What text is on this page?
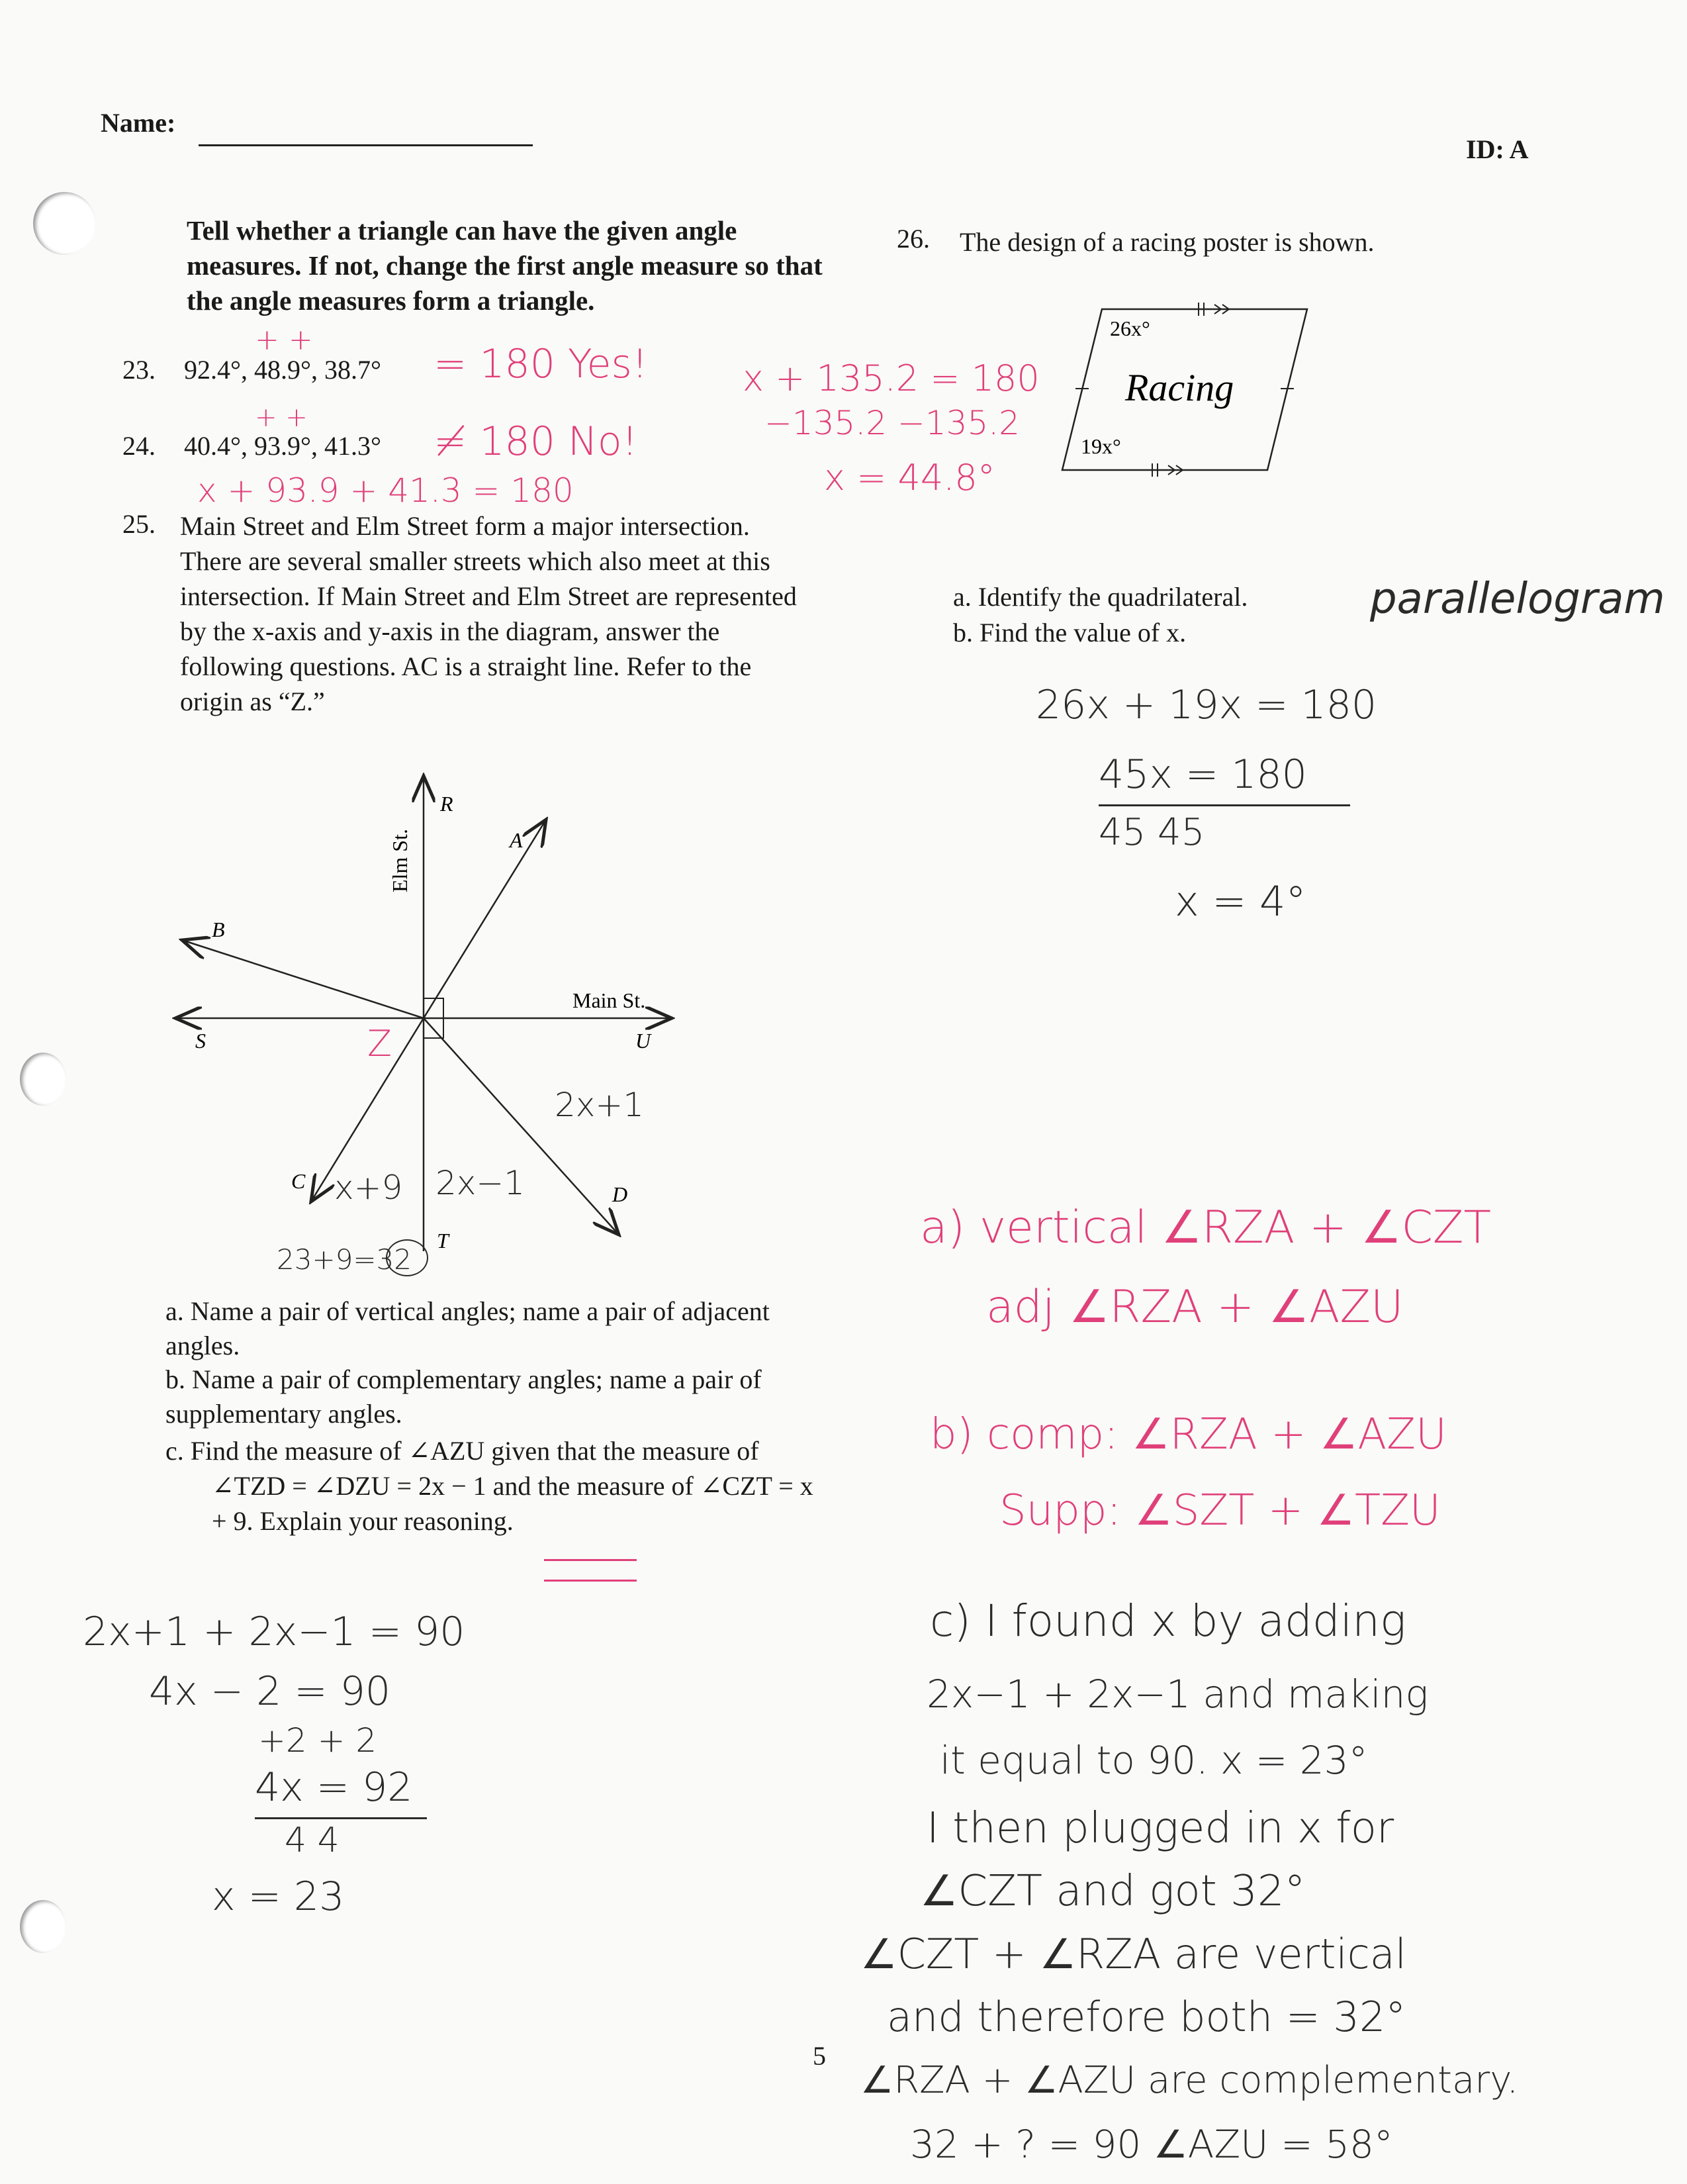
Name:
ID: A
Tell whether a triangle can have the given angle measures. If not, change the first angle measure so that the angle measures form a triangle.
23. 92.4°, 48.9°, 38.7°
+ +
= 180 Yes!
24. 40.4°, 93.9°, 41.3°
+ +
≠ 180 No!
x + 93.9 + 41.3 = 180
x + 135.2 = 180
−135.2 −135.2
x = 44.8°
25. Main Street and Elm Street form a major intersection. There are several smaller streets which also meet at this intersection. If Main Street and Elm Street are represented by the x-axis and y-axis in the diagram, answer the following questions. AC is a straight line. Refer to the origin as “Z.”
Elm St.
R
A
B
Main St.
S	U
C
D
T
Z
2x+1
x+9 2x−1
23+9=32
a. Name a pair of vertical angles; name a pair of adjacent angles.
b. Name a pair of complementary angles; name a pair of supplementary angles.
c. Find the measure of ∠AZU given that the measure of ∠TZD = ∠DZU = 2x − 1 and the measure of ∠CZT = x + 9. Explain your reasoning.
2x+1 + 2x−1 = 90
4x − 2 = 90
+2 + 2
4x = 92
4 4
x = 23
26. The design of a racing poster is shown.
26x°
19x°
Racing
a. Identify the quadrilateral.
b. Find the value of x.
parallelogram
26x + 19x = 180
45x = 180
45 45
x = 4°
a) vertical ∠RZA + ∠CZT
adj ∠RZA + ∠AZU
b) comp: ∠RZA + ∠AZU
Supp: ∠SZT + ∠TZU
c) I found x by adding
2x−1 + 2x−1 and making
it equal to 90. x = 23°
I then plugged in x for
∠CZT and got 32°
∠CZT + ∠RZA are vertical
and therefore both = 32°
∠RZA + ∠AZU are complementary.
32 + ? = 90 ∠AZU = 58°
5
